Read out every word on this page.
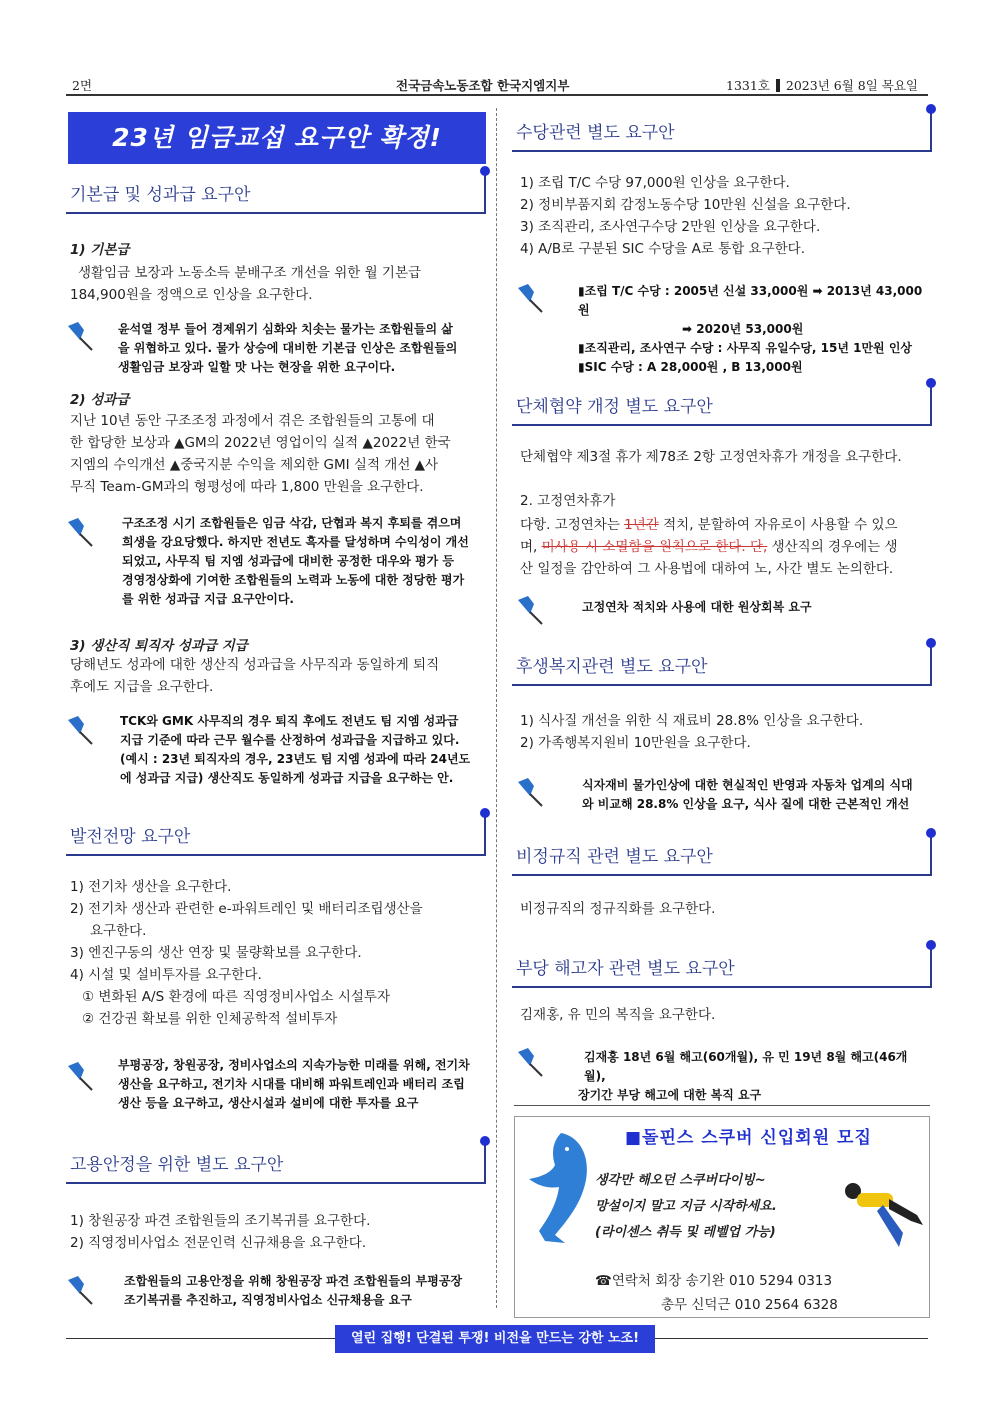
2면	전국금속노동조합 한국지엠지부	1331호 2023년 6월 8일 목요일
23년 임금교섭 요구안 확정!
기본급 및 성과급 요구안
1) 기본급
생활임금 보장과 노동소득 분배구조 개선을 위한 월 기본급
184,900원을 정액으로 인상을 요구한다.
윤석열 정부 들어 경제위기 심화와 치솟는 물가는 조합원들의 삶
을 위협하고 있다. 물가 상승에 대비한 기본급 인상은 조합원들의
생활임금 보장과 일할 맛 나는 현장을 위한 요구이다.
2) 성과급
지난 10년 동안 구조조정 과정에서 겪은 조합원들의 고통에 대
한 합당한 보상과 ▲GM의 2022년 영업이익 실적 ▲2022년 한국
지엠의 수익개선 ▲중국지분 수익을 제외한 GMI 실적 개선 ▲사
무직 Team-GM과의 형평성에 따라 1,800 만원을 요구한다.
구조조정 시기 조합원들은 임금 삭감, 단협과 복지 후퇴를 겪으며
희생을 강요당했다. 하지만 전년도 흑자를 달성하며 수익성이 개선
되었고, 사무직 팀 지엠 성과급에 대비한 공정한 대우와 평가 등
경영정상화에 기여한 조합원들의 노력과 노동에 대한 정당한 평가
를 위한 성과급 지급 요구안이다.
3) 생산직 퇴직자 성과급 지급
당해년도 성과에 대한 생산직 성과급을 사무직과 동일하게 퇴직
후에도 지급을 요구한다.
TCK와 GMK 사무직의 경우 퇴직 후에도 전년도 팀 지엠 성과급
지급 기준에 따라 근무 월수를 산정하여 성과급을 지급하고 있다.
(예시 : 23년 퇴직자의 경우, 23년도 팀 지엠 성과에 따라 24년도
에 성과급 지급) 생산직도 동일하게 성과급 지급을 요구하는 안.
발전전망 요구안
1) 전기차 생산을 요구한다.
2) 전기차 생산과 관련한 e-파워트레인 및 배터리조립생산을
요구한다.
3) 엔진구동의 생산 연장 및 물량확보를 요구한다.
4) 시설 및 설비투자를 요구한다.
① 변화된 A/S 환경에 따른 직영정비사업소 시설투자
② 건강권 확보를 위한 인체공학적 설비투자
부평공장, 창원공장, 정비사업소의 지속가능한 미래를 위해, 전기차
생산을 요구하고, 전기차 시대를 대비해 파워트레인과 배터리 조립
생산 등을 요구하고, 생산시설과 설비에 대한 투자를 요구
고용안정을 위한 별도 요구안
1) 창원공장 파견 조합원들의 조기복귀를 요구한다.
2) 직영정비사업소 전문인력 신규채용을 요구한다.
조합원들의 고용안정을 위해 창원공장 파견 조합원들의 부평공장
조기복귀를 추진하고, 직영정비사업소 신규채용을 요구
수당관련 별도 요구안
1) 조립 T/C 수당 97,000원 인상을 요구한다.
2) 정비부품지회 감정노동수당 10만원 신설을 요구한다.
3) 조직관리, 조사연구수당 2만원 인상을 요구한다.
4) A/B로 구분된 SIC 수당을 A로 통합 요구한다.
▮조립 T/C 수당 : 2005년 신설 33,000원 ➡ 2013년 43,000원
➡ 2020년 53,000원
▮조직관리, 조사연구 수당 : 사무직 유일수당, 15년 1만원 인상
▮SIC 수당 : A 28,000원 , B 13,000원
단체협약 개정 별도 요구안
단체협약 제3절 휴가 제78조 2항 고정연차휴가 개정을 요구한다.
2. 고정연차휴가
다항. 고정연차는 1년간 적치, 분할하여 자유로이 사용할 수 있으
며, 미사용 시 소멸함을 원칙으로 한다. 단, 생산직의 경우에는 생
산 일정을 감안하여 그 사용법에 대하여 노, 사간 별도 논의한다.
고정연차 적치와 사용에 대한 원상회복 요구
후생복지관련 별도 요구안
1) 식사질 개선을 위한 식 재료비 28.8% 인상을 요구한다.
2) 가족행복지원비 10만원을 요구한다.
식자재비 물가인상에 대한 현실적인 반영과 자동차 업계의 식대
와 비교해 28.8% 인상을 요구, 식사 질에 대한 근본적인 개선
비정규직 관련 별도 요구안
비정규직의 정규직화를 요구한다.
부당 해고자 관련 별도 요구안
김재홍, 유 민의 복직을 요구한다.
김재홍 18년 6월 해고(60개월), 유 민 19년 8월 해고(46개월),
장기간 부당 해고에 대한 복직 요구
■돌핀스 스쿠버 신입회원 모집
생각만 해오던 스쿠버다이빙~
망설이지 말고 지금 시작하세요.
(라이센스 취득 및 레벨업 가능)
☎연락처 회장 송기완 010 5294 0313
총무 신덕근 010 2564 6328
열린 집행! 단결된 투쟁! 비전을 만드는 강한 노조!
